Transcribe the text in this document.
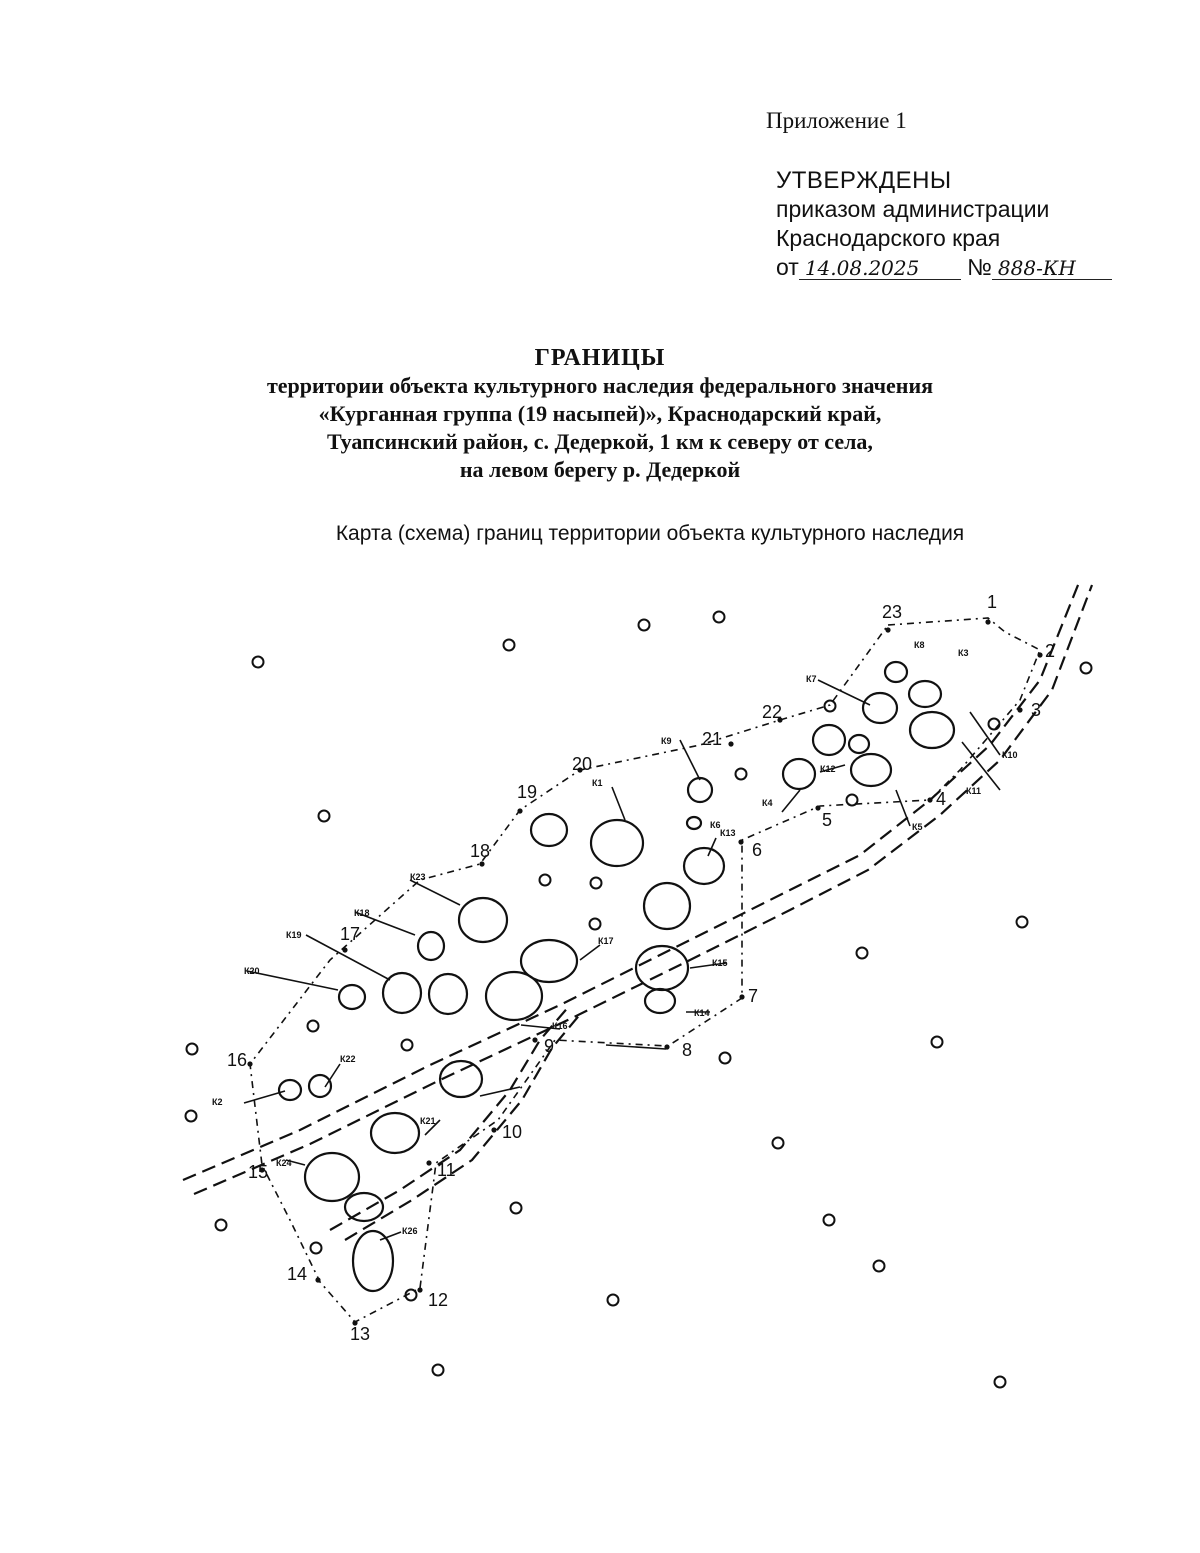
Приложение 1
УТВЕРЖДЕНЫ
приказом администрации
Краснодарского края
от 14.08.2025 № 888-КН
ГРАНИЦЫ
территории объекта культурного наследия федерального значения
«Курганная группа (19 насыпей)», Краснодарский край,
Туапсинский район, с. Дедеркой, 1 км к северу от села,
на левом берегу р. Дедеркой
Карта (схема) границ территории объекта культурного наследия
1
2
3
4
5
6
7
8
9
10
11
12
13
14
15
16
17
18
19
20
21
22
23
К1
К2
К3
К4
К5
К6
К7
К8
К9
К10
К11
К12
К13
К14
К15
К16
К17
К18
К19
К20
К21
К22
К23
К24
К26
